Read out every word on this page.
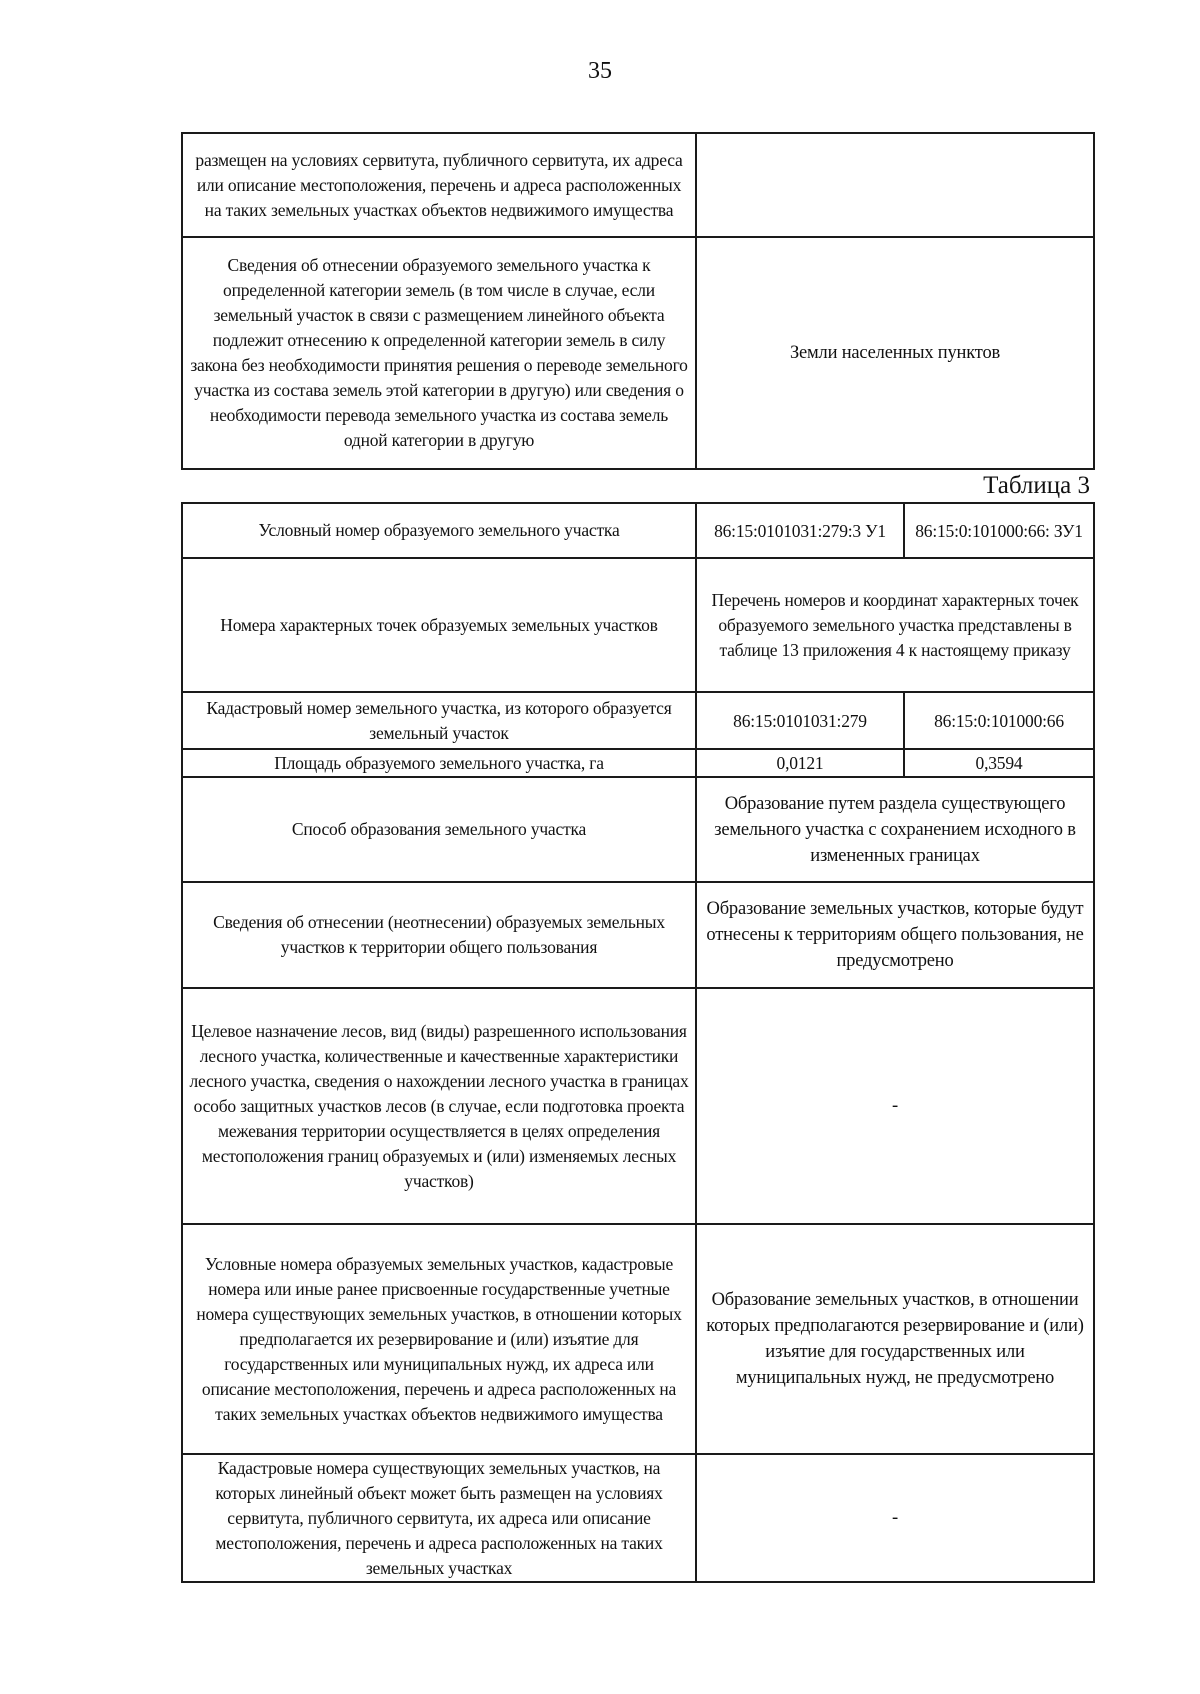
35
размещен на условиях сервитута, публичного сервитута, их адреса или описание местоположения, перечень и адреса расположенных на таких земельных участках объектов недвижимого имущества	
Сведения об отнесении образуемого земельного участка к определенной категории земель (в том числе в случае, если земельный участок в связи с размещением линейного объекта подлежит отнесению к определенной категории земель в силу закона без необходимости принятия решения о переводе земельного участка из состава земель этой категории в другую) или сведения о необходимости перевода земельного участка из состава земель одной категории в другую	Земли населенных пунктов
Таблица 3
Условный номер образуемого земельного участка	86:15:0101031:279:3 У1	86:15:0:101000:66: ЗУ1
Номера характерных точек образуемых земельных участков	Перечень номеров и координат характерных точек образуемого земельного участка представлены в таблице 13 приложения 4 к настоящему приказу	
Кадастровый номер земельного участка, из которого образуется земельный участок	86:15:0101031:279	86:15:0:101000:66
Площадь образуемого земельного участка, га	0,0121	0,3594
Способ образования земельного участка	Образование путем раздела существующего земельного участка с сохранением исходного в измененных границах	
Сведения об отнесении (неотнесении) образуемых земельных участков к территории общего пользования	Образование земельных участков, которые будут отнесены к территориям общего пользования, не предусмотрено	
Целевое назначение лесов, вид (виды) разрешенного использования лесного участка, количественные и качественные характеристики лесного участка, сведения о нахождении лесного участка в границах особо защитных участков лесов (в случае, если подготовка проекта межевания территории осуществляется в целях определения местоположения границ образуемых и (или) изменяемых лесных участков)	-	
Условные номера образуемых земельных участков, кадастровые номера или иные ранее присвоенные государственные учетные номера существующих земельных участков, в отношении которых предполагается их резервирование и (или) изъятие для государственных или муниципальных нужд, их адреса или описание местоположения, перечень и адреса расположенных на таких земельных участках объектов недвижимого имущества	Образование земельных участков, в отношении которых предполагаются резервирование и (или) изъятие для государственных или муниципальных нужд, не предусмотрено	
Кадастровые номера существующих земельных участков, на которых линейный объект может быть размещен на условиях сервитута, публичного сервитута, их адреса или описание местоположения, перечень и адреса расположенных на таких земельных участках	-	
